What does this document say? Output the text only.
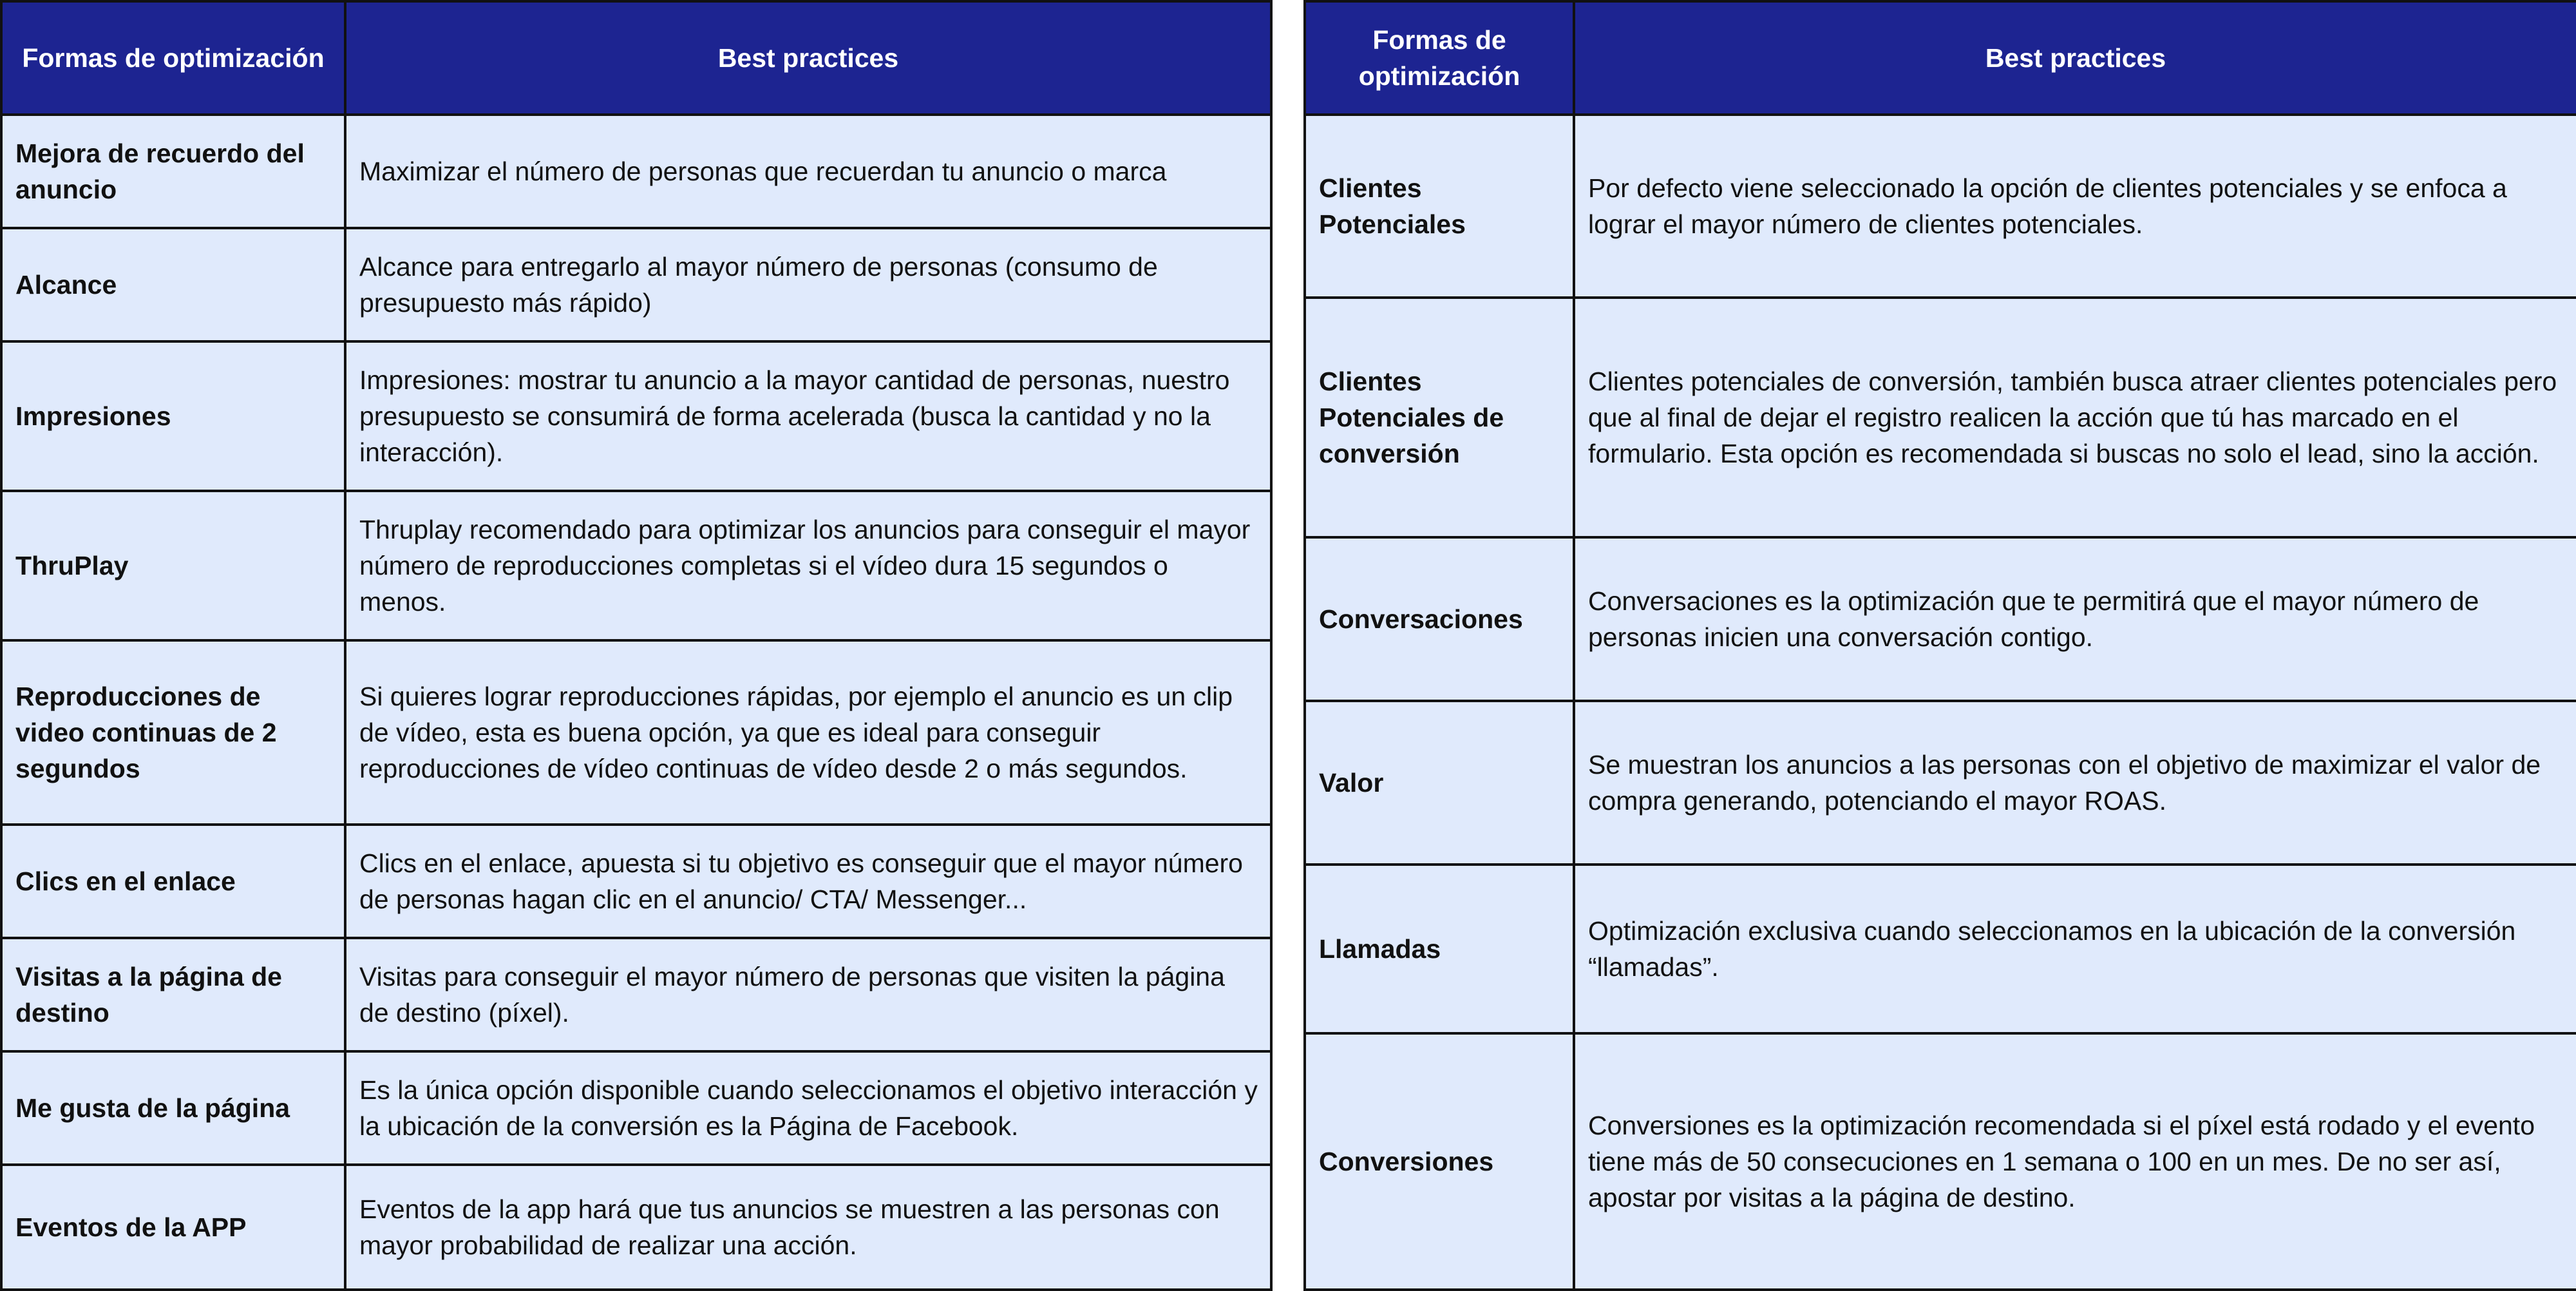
Formas de optimización	Best practices
Mejora de recuerdo del anuncio	Maximizar el número de personas que recuerdan tu anuncio o marca
Alcance	Alcance para entregarlo al mayor número de personas (consumo de presupuesto más rápido)
Impresiones	Impresiones: mostrar tu anuncio a la mayor cantidad de personas, nuestro presupuesto se consumirá de forma acelerada (busca la cantidad y no la interacción).
ThruPlay	Thruplay recomendado para optimizar los anuncios para conseguir el mayor número de reproducciones completas si el vídeo dura 15 segundos o menos.
Reproducciones de video continuas de 2 segundos	Si quieres lograr reproducciones rápidas, por ejemplo el anuncio es un clip de vídeo, esta es buena opción, ya que es ideal para conseguir reproducciones de vídeo continuas de vídeo desde 2 o más segundos.
Clics en el enlace	Clics en el enlace, apuesta si tu objetivo es conseguir que el mayor número de personas hagan clic en el anuncio/ CTA/ Messenger...
Visitas a la página de destino	Visitas para conseguir el mayor número de personas que visiten la página de destino (píxel).
Me gusta de la página	Es la única opción disponible cuando seleccionamos el objetivo interacción y la ubicación de la conversión es la Página de Facebook.
Eventos de la APP	Eventos de la app hará que tus anuncios se muestren a las personas con mayor probabilidad de realizar una acción.
Formas de optimización	Best practices
Clientes Potenciales	Por defecto viene seleccionado la opción de clientes potenciales y se enfoca a lograr el mayor número de clientes potenciales.
Clientes Potenciales de conversión	Clientes potenciales de conversión, también busca atraer clientes potenciales pero que al final de dejar el registro realicen la acción que tú has marcado en el formulario. Esta opción es recomendada si buscas no solo el lead, sino la acción.
Conversaciones	Conversaciones es la optimización que te permitirá que el mayor número de personas inicien una conversación contigo.
Valor	Se muestran los anuncios a las personas con el objetivo de maximizar el valor de compra generando, potenciando el mayor ROAS.
Llamadas	Optimización exclusiva cuando seleccionamos en la ubicación de la conversión “llamadas”.
Conversiones	Conversiones es la optimización recomendada si el píxel está rodado y el evento tiene más de 50 consecuciones en 1 semana o 100 en un mes. De no ser así, apostar por visitas a la página de destino.
